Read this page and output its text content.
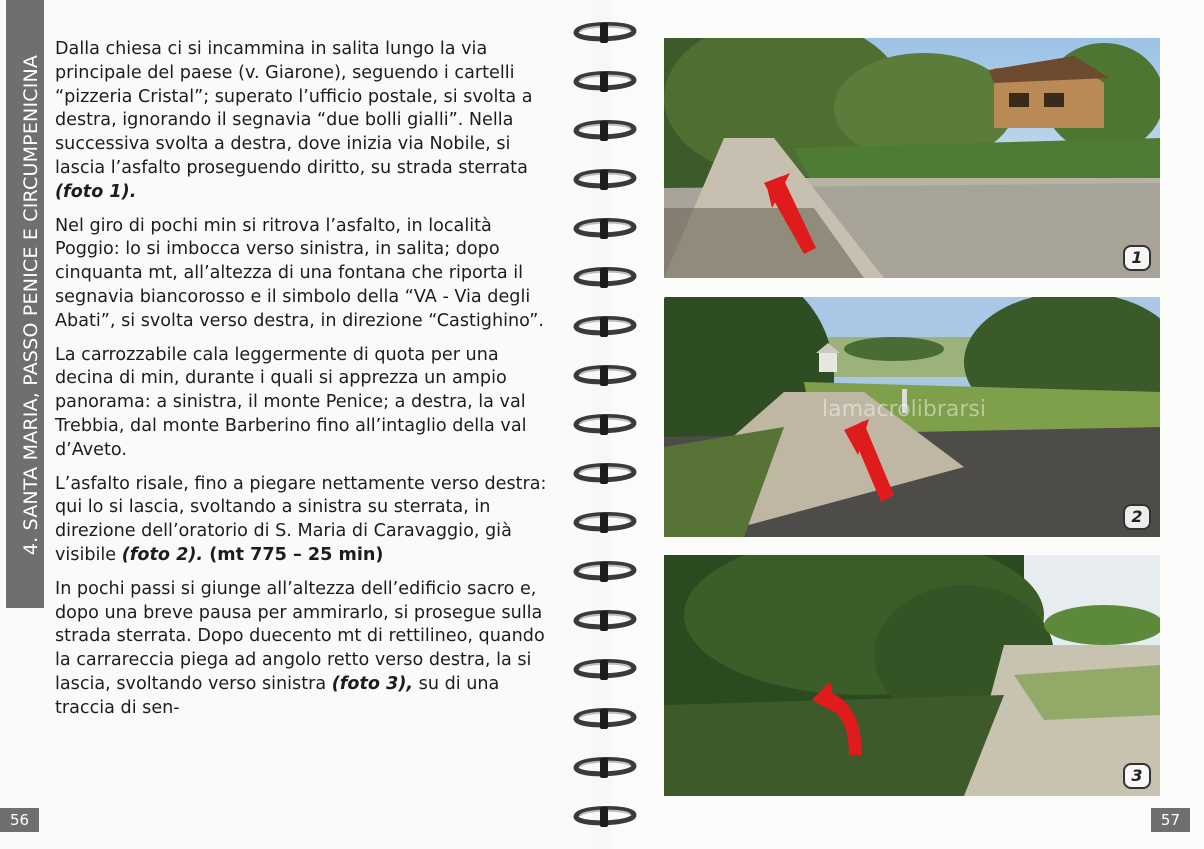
4. SANTA MARIA, PASSO PENICE E CIRCUMPENICINA

Dalla chiesa ci si incammina in salita lungo la via principale del paese (v. Giarone), seguendo i cartelli “pizzeria Cristal”; superato l’ufficio postale, si svolta a destra, ignorando il segnavia “due bolli gialli”. Nella successiva svolta a destra, dove inizia via Nobile, si lascia l’asfalto proseguendo diritto, su strada sterrata (foto 1).

Nel giro di pochi min si ritrova l’asfalto, in località Poggio: lo si imbocca verso sinistra, in salita; dopo cinquanta mt, all’altezza di una fontana che riporta il segnavia biancorosso e il simbolo della “VA - Via degli Abati”, si svolta verso destra, in direzione “Castighino”.

La carrozzabile cala leggermente di quota per una decina di min, durante i quali si apprezza un ampio panorama: a sinistra, il monte Penice; a destra, la val Trebbia, dal monte Barberino fino all’intaglio della val d’Aveto.

L’asfalto risale, fino a piegare nettamente verso destra: qui lo si lascia, svoltando a sinistra su sterrata, in direzione dell’oratorio di S. Maria di Caravaggio, già visibile (foto 2). (mt 775 – 25 min)

In pochi passi si giunge all’altezza dell’edificio sacro e, dopo una breve pausa per ammirarlo, si prosegue sulla strada sterrata. Dopo duecento mt di rettilineo, quando la carrareccia piega ad angolo retto verso destra, la si lascia, svoltando verso sinistra (foto 3), su di una traccia di sen-

56	57
1
lamacrolibrarsi
2
3
